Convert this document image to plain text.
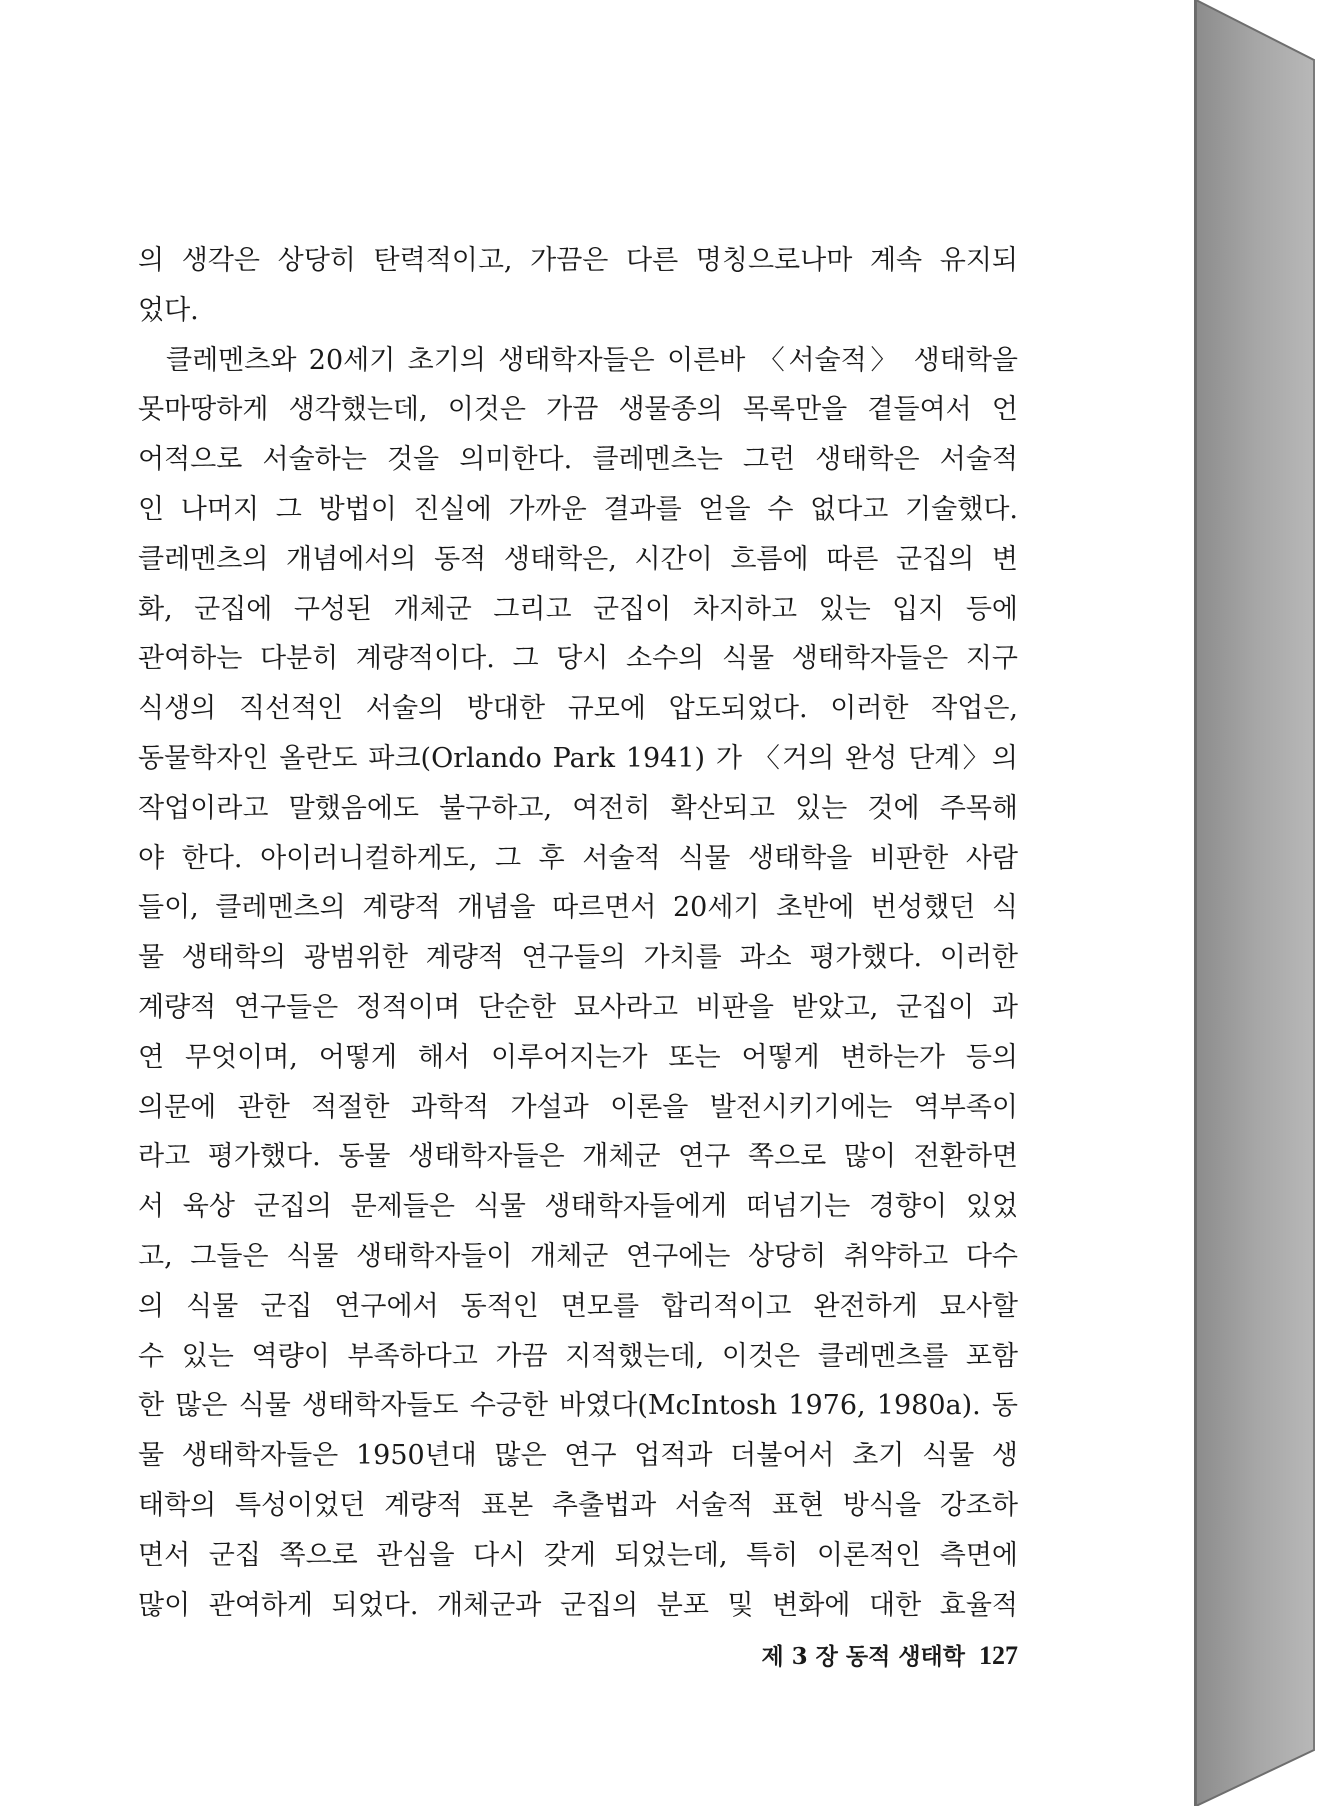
의 생각은 상당히 탄력적이고, 가끔은 다른 명칭으로나마 계속 유지되
었다.
클레멘츠와 20세기 초기의 생태학자들은 이른바 〈서술적〉 생태학을
못마땅하게 생각했는데, 이것은 가끔 생물종의 목록만을 곁들여서 언
어적으로 서술하는 것을 의미한다. 클레멘츠는 그런 생태학은 서술적
인 나머지 그 방법이 진실에 가까운 결과를 얻을 수 없다고 기술했다.
클레멘츠의 개념에서의 동적 생태학은, 시간이 흐름에 따른 군집의 변
화, 군집에 구성된 개체군 그리고 군집이 차지하고 있는 입지 등에
관여하는 다분히 계량적이다. 그 당시 소수의 식물 생태학자들은 지구
식생의 직선적인 서술의 방대한 규모에 압도되었다. 이러한 작업은,
동물학자인 올란도 파크(Orlando Park 1941) 가 〈거의 완성 단계〉의
작업이라고 말했음에도 불구하고, 여전히 확산되고 있는 것에 주목해
야 한다. 아이러니컬하게도, 그 후 서술적 식물 생태학을 비판한 사람
들이, 클레멘츠의 계량적 개념을 따르면서 20세기 초반에 번성했던 식
물 생태학의 광범위한 계량적 연구들의 가치를 과소 평가했다. 이러한
계량적 연구들은 정적이며 단순한 묘사라고 비판을 받았고, 군집이 과
연 무엇이며, 어떻게 해서 이루어지는가 또는 어떻게 변하는가 등의
의문에 관한 적절한 과학적 가설과 이론을 발전시키기에는 역부족이
라고 평가했다. 동물 생태학자들은 개체군 연구 쪽으로 많이 전환하면
서 육상 군집의 문제들은 식물 생태학자들에게 떠넘기는 경향이 있었
고, 그들은 식물 생태학자들이 개체군 연구에는 상당히 취약하고 다수
의 식물 군집 연구에서 동적인 면모를 합리적이고 완전하게 묘사할
수 있는 역량이 부족하다고 가끔 지적했는데, 이것은 클레멘츠를 포함
한 많은 식물 생태학자들도 수긍한 바였다(McIntosh 1976, 1980a). 동
물 생태학자들은 1950년대 많은 연구 업적과 더불어서 초기 식물 생
태학의 특성이었던 계량적 표본 추출법과 서술적 표현 방식을 강조하
면서 군집 쪽으로 관심을 다시 갖게 되었는데, 특히 이론적인 측면에
많이 관여하게 되었다. 개체군과 군집의 분포 및 변화에 대한 효율적
제 3 장 동적 생태학 127
